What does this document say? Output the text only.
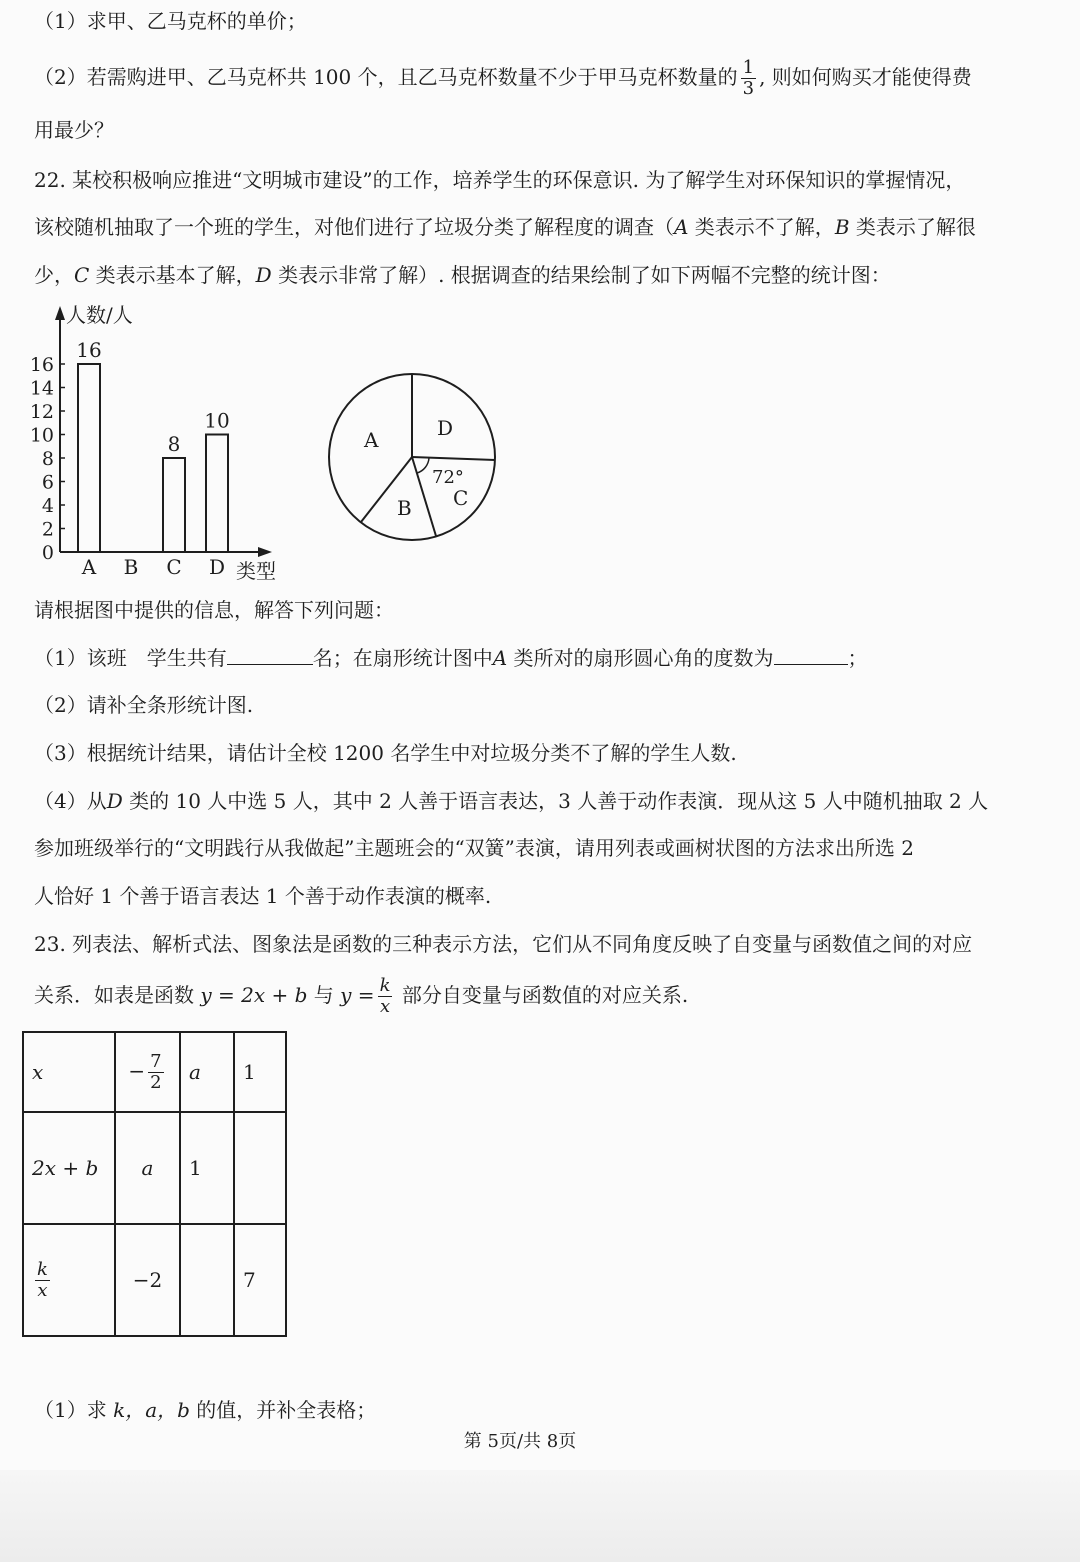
（1）求甲、乙马克杯的单价；
（2）若需购进甲、乙马克杯共 100 个，且乙马克杯数量不少于甲马克杯数量的 $\frac{1}{3}$ , 则如何购买才能使得费
用最少？
22. 某校积极响应推进“文明城市建设”的工作，培养学生的环保意识. 为了解学生对环保知识的掌握情况，
该校随机抽取了一个班的学生，对他们进行了垃圾分类了解程度的调查（A 类表示不了解，B 类表示了解很
少，C 类表示基本了解，D 类表示非常了解）. 根据调查的结果绘制了如下两幅不完整的统计图：
人数/人
类型
0
2
4
6
8
10
12
14
16
16
A B
8
C
10
D
A	D
C
B
72°
请根据图中提供的信息，解答下列问题：
（1）该班　学生共有	名；在扇形统计图中A 类所对的扇形圆心角的度数为	；
（2）请补全条形统计图.
（3）根据统计结果，请估计全校 1200 名学生中对垃圾分类不了解的学生人数.
（4）从D 类的 10 人中选 5 人，其中 2 人善于语言表达，3 人善于动作表演．现从这 5 人中随机抽取 2 人
参加班级举行的“文明践行从我做起”主题班会的“双簧”表演，请用列表或画树状图的方法求出所选 2
人恰好 1 个善于语言表达 1 个善于动作表演的概率.
23. 列表法、解析式法、图象法是函数的三种表示方法，它们从不同角度反映了自变量与函数值之间的对应
关系．如表是函数 y = 2x + b 与 $y = \frac{k}{x}$ 部分自变量与函数值的对应关系.
x	− $\frac{7}{2}$	a	1
2x + b	a	1	

$\frac{k}{x}$	−2		7
（1）求 k，a，b 的值，并补全表格；
第 5页/共 8页
